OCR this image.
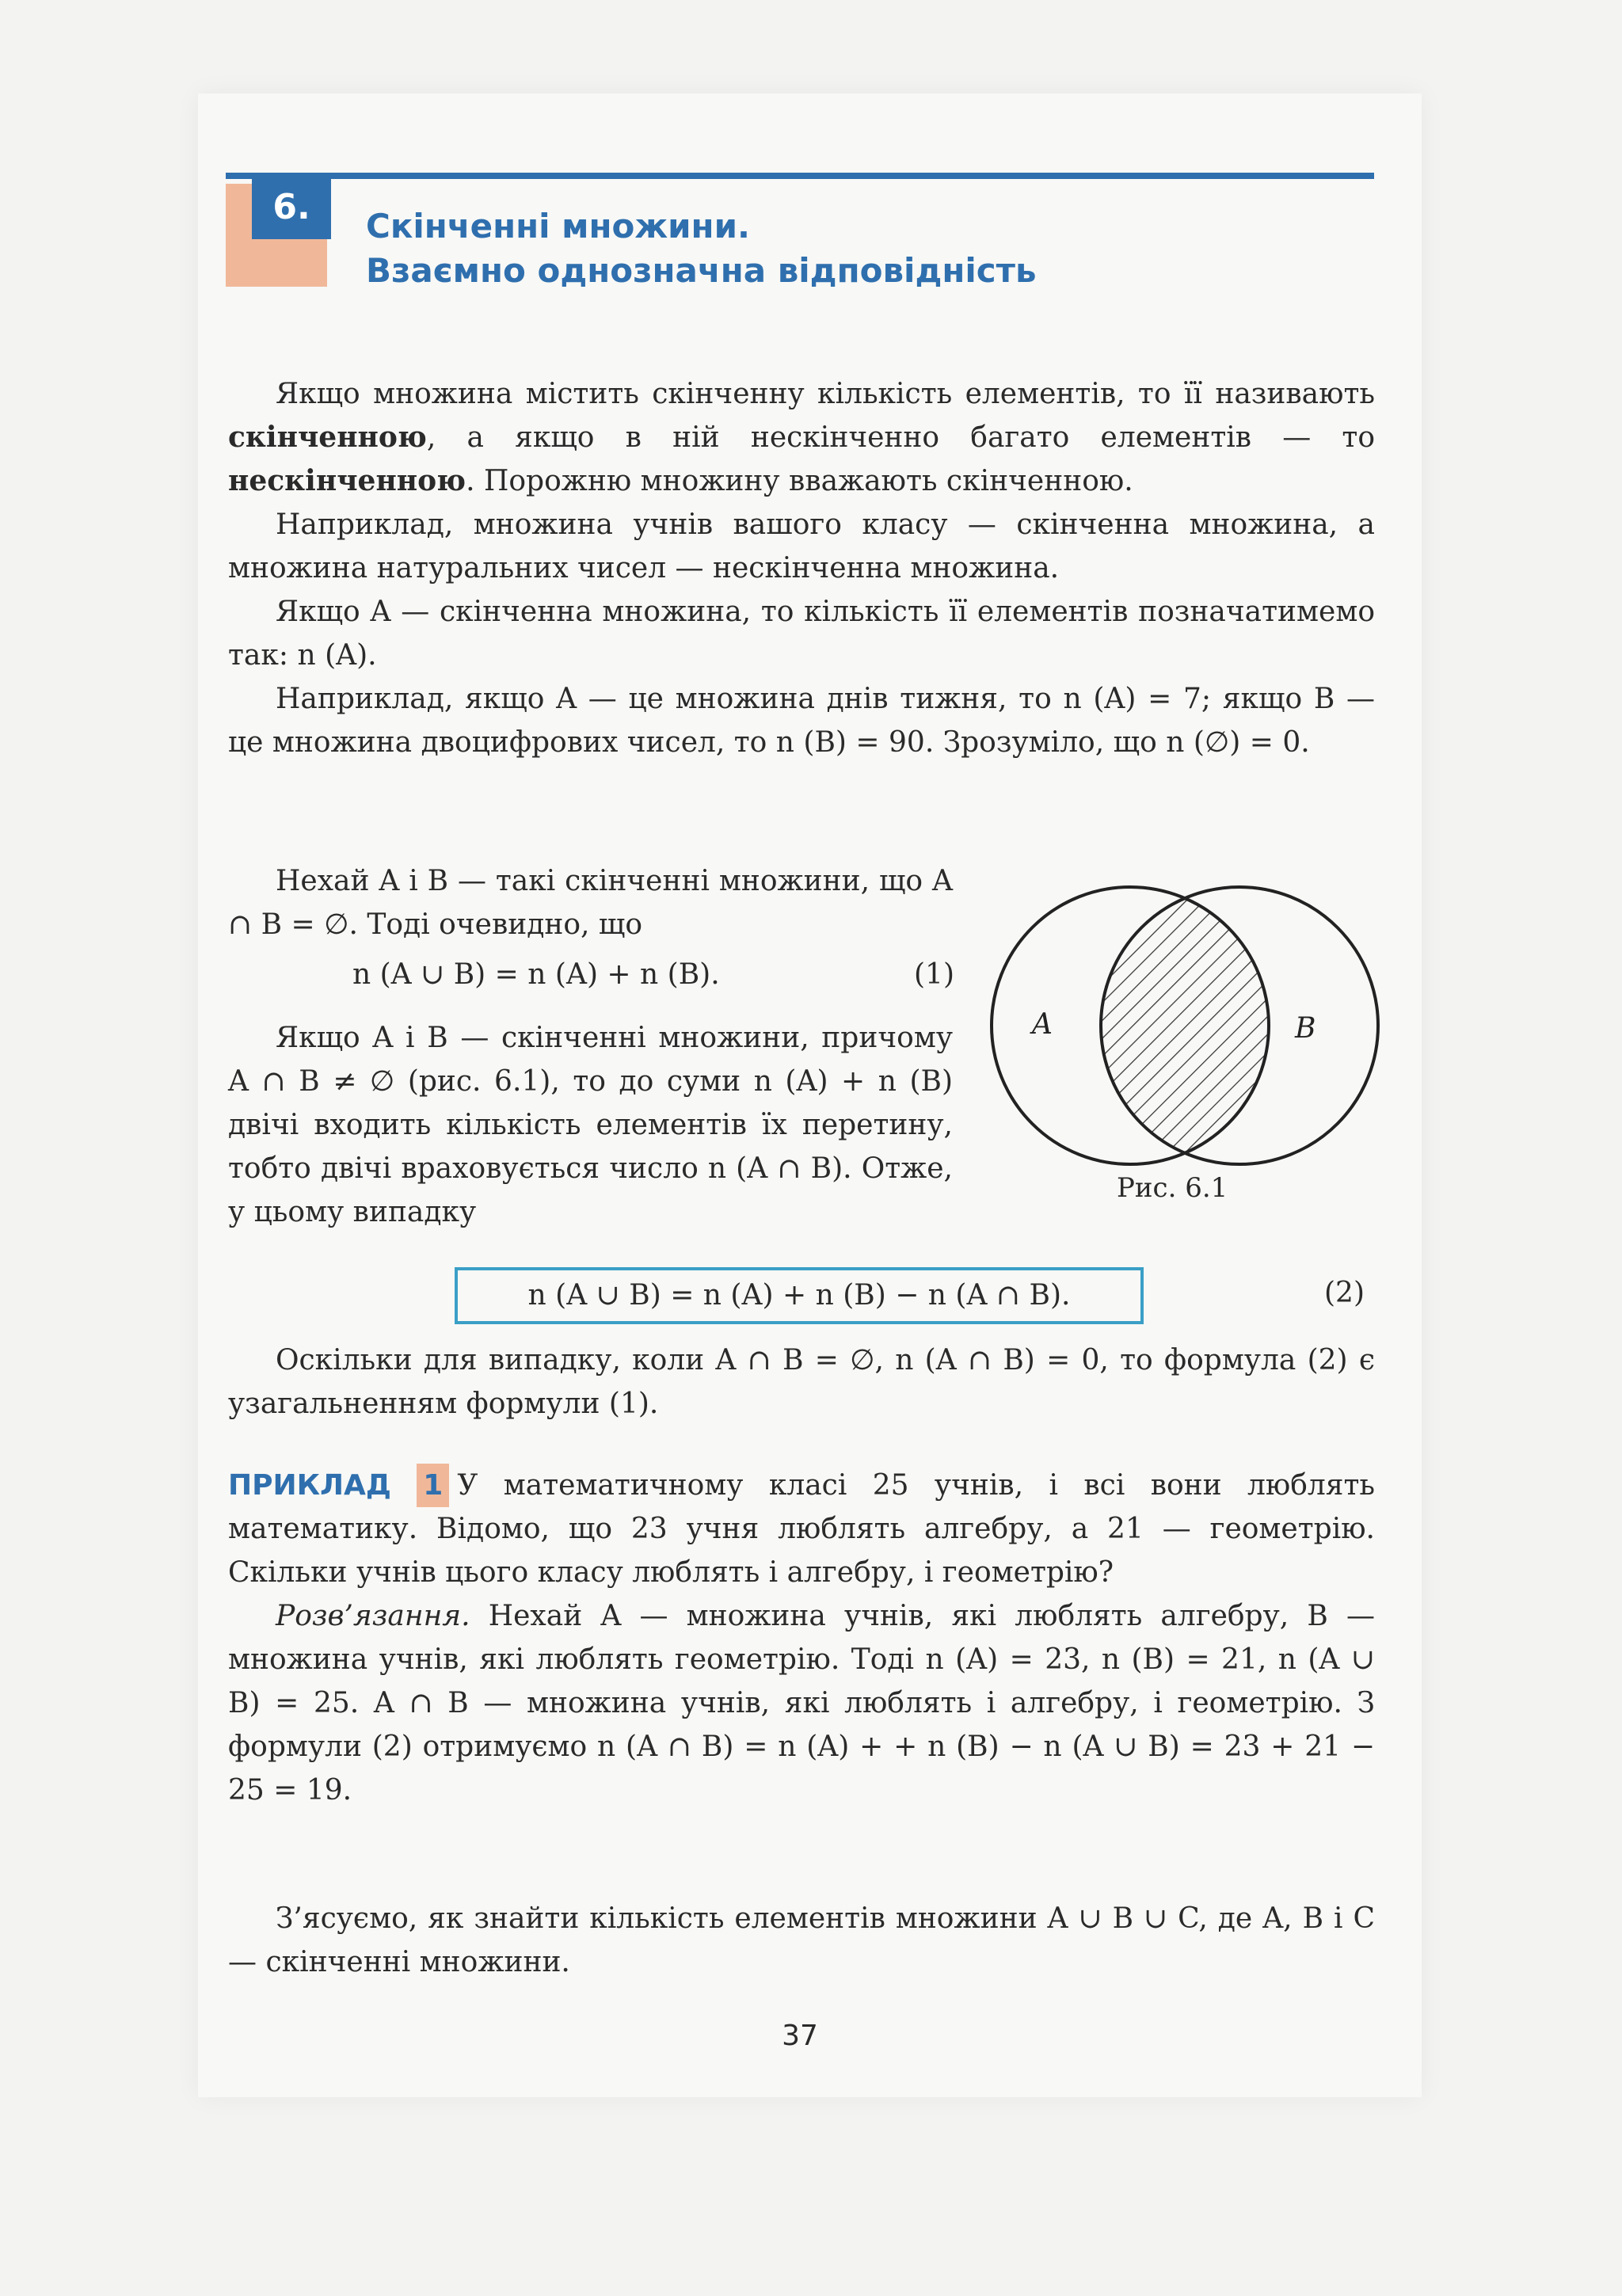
6.	Скінченні множини.
Взаємно однозначна відповідність

Якщо множина містить скінченну кількість елементів, то її називають скінченною, а якщо в ній нескінченно багато елементів — то нескінченною. Порожню множину вважають скінченною.

Наприклад, множина учнів вашого класу — скінченна множина, а множина натуральних чисел — нескінченна множина.

Якщо A — скінченна множина, то кількість її елементів позначатимемо так: n (A).

Наприклад, якщо A — це множина днів тижня, то n (A) = 7; якщо B — це множина двоцифрових чисел, то n (B) = 90. Зрозуміло, що n (∅) = 0.

Нехай A і B — такі скінченні множини, що A ∩ B = ∅. Тоді очевидно, що

n (A ∪ B) = n (A) + n (B).	(1)

Якщо A і B — скінченні множини, причому A ∩ B ≠ ∅ (рис. 6.1), то до суми n (A) + n (B) двічі входить кількість елементів їх перетину, тобто двічі враховується число n (A ∩ B). Отже, у цьому випадку

A	B
Рис. 6.1
n (A ∪ B) = n (A) + n (B) − n (A ∩ B).	(2)

Оскільки для випадку, коли A ∩ B = ∅, n (A ∩ B) = 0, то формула (2) є узагальненням формули (1).

ПРИКЛАД 1 У математичному класі 25 учнів, і всі вони люблять математику. Відомо, що 23 учня люблять алгебру, а 21 — геометрію. Скільки учнів цього класу люблять і алгебру, і геометрію?

Розв’язання. Нехай A — множина учнів, які люблять алгебру, B — множина учнів, які люблять геометрію. Тоді n (A) = 23, n (B) = 21, n (A ∪ B) = 25. A ∩ B — множина учнів, які люблять і алгебру, і геометрію. З формули (2) отримуємо n (A ∩ B) = n (A) + + n (B) − n (A ∪ B) = 23 + 21 − 25 = 19.

З’ясуємо, як знайти кількість елементів множини A ∪ B ∪ C, де A, B і C — скінченні множини.

37
